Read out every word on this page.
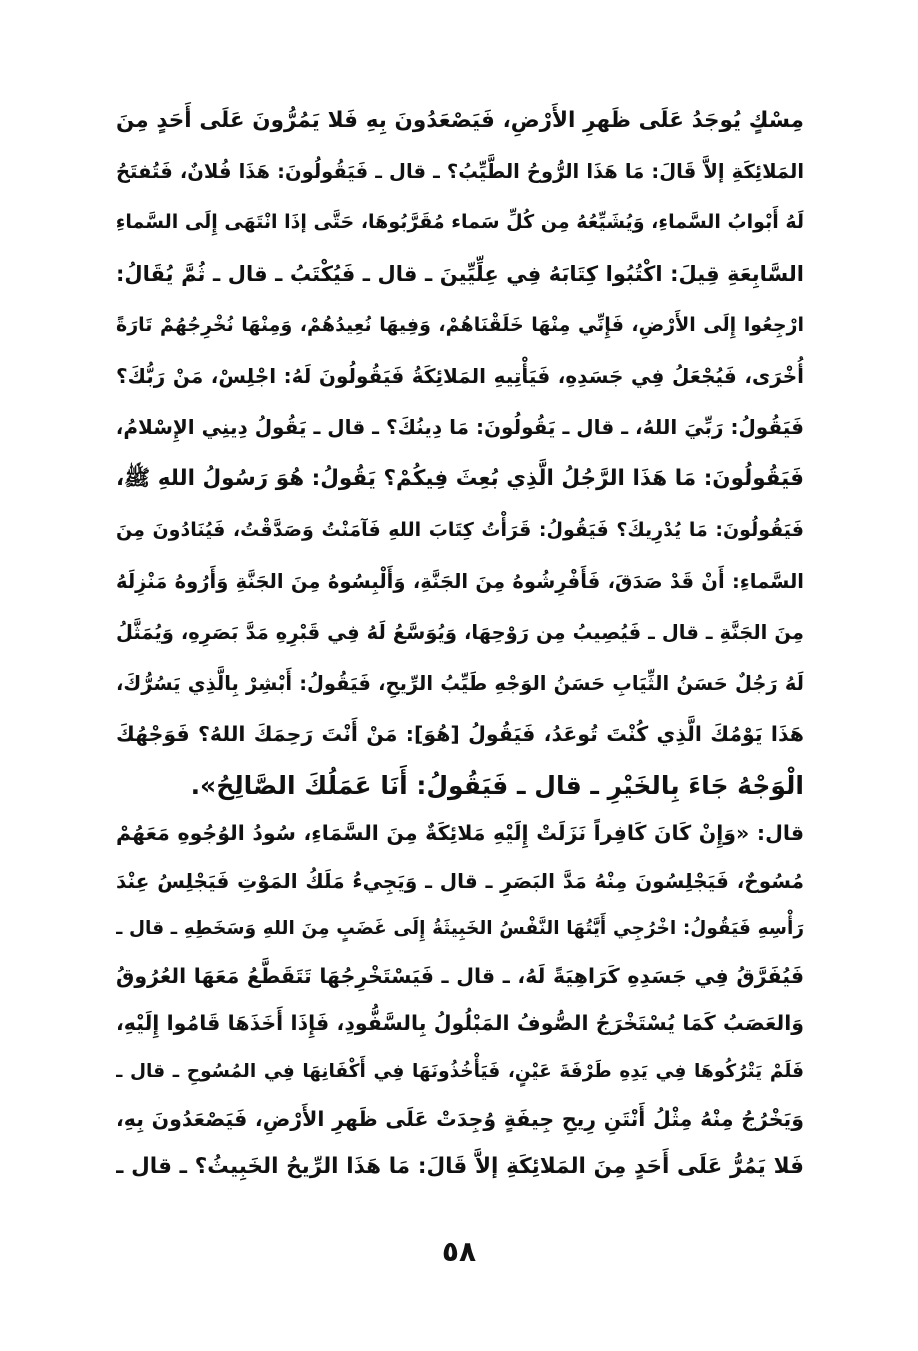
مِسْكٍ يُوجَدُ عَلَى ظَهرِ الأَرْضِ، فَيَصْعَدُونَ بِهِ فَلا يَمُرُّونَ عَلَى أَحَدٍ مِنَ
المَلائِكَةِ إلاَّ قَالَ: مَا هَذَا الرُّوحُ الطَّيِّبُ؟ ـ قال ـ فَيَقُولُونَ: هَذَا فُلانٌ، فَتُفتَحُ
لَهُ أَبْوابُ السَّماءِ، وَيُشَيِّعُهُ مِن كُلِّ سَماء مُقَرَّبُوهَا، حَتَّى إذَا انْتَهَى إِلَى السَّماءِ
السَّابِعَةِ قِيلَ: اكْتُبُوا كِتَابَهُ فِي عِلِّيِّينَ ـ قال ـ فَيُكْتَبُ ـ قال ـ ثُمَّ يُقَالُ:
ارْجِعُوا إِلَى الأَرْضِ، فَإِنِّي مِنْهَا خَلَقْنَاهُمْ، وَفِيهَا نُعِيدُهُمْ، وَمِنْهَا نُخْرِجُهُمْ تَارَةً
أُخْرَى، فَيُجْعَلُ فِي جَسَدِهِ، فَيَأْتِيهِ المَلائِكَةُ فَيَقُولُونَ لَهُ: اجْلِسْ، مَنْ رَبُّكَ؟
فَيَقُولُ: رَبِّيَ اللهُ، ـ قال ـ يَقُولُونَ: مَا دِينُكَ؟ ـ قال ـ يَقُولُ دِينِي الإِسْلامُ،
فَيَقُولُونَ: مَا هَذَا الرَّجُلُ الَّذِي بُعِثَ فِيكُمْ؟ يَقُولُ: هُوَ رَسُولُ اللهِ ﷺ،
فَيَقُولُونَ: مَا يُدْرِيكَ؟ فَيَقُولُ: قَرَأْتُ كِتَابَ اللهِ فَآمَنْتُ وَصَدَّقْتُ، فَيُنَادُونَ مِنَ
السَّماءِ: أَنْ قَدْ صَدَقَ، فَأَفْرِشُوهُ مِنَ الجَنَّةِ، وَأَلْبِسُوهُ مِنَ الجَنَّةِ وَأَرُوهُ مَنْزِلَهُ
مِنَ الجَنَّةِ ـ قال ـ فَيُصِيبُ مِن رَوْحِهَا، وَيُوَسَّعُ لَهُ فِي قَبْرِهِ مَدَّ بَصَرِهِ، وَيُمَثَّلُ
لَهُ رَجُلٌ حَسَنُ الثِّيَابِ حَسَنُ الوَجْهِ طَيِّبُ الرِّيحِ، فَيَقُولُ: أَبْشِرْ بِالَّذِي يَسُرُّكَ،
هَذَا يَوْمُكَ الَّذِي كُنْتَ تُوعَدُ، فَيَقُولُ [هُوَ]: مَنْ أَنْتَ رَحِمَكَ اللهُ؟ فَوَجْهُكَ
الْوَجْهُ جَاءَ بِالخَيْرِ ـ قال ـ فَيَقُولُ: أَنَا عَمَلُكَ الصَّالِحُ».
قال: «وَإِنْ كَانَ كَافِراً نَزَلَتْ إِلَيْهِ مَلائِكَةٌ مِنَ السَّمَاءِ، سُودُ الوُجُوهِ مَعَهُمْ
مُسُوحٌ، فَيَجْلِسُونَ مِنْهُ مَدَّ البَصَرِ ـ قال ـ وَيَجِيءُ مَلَكُ المَوْتِ فَيَجْلِسُ عِنْدَ
رَأْسِهِ فَيَقُولُ: اخْرُجِي أَيَّتُهَا النَّفْسُ الخَبِيثَةُ إِلَى غَضَبٍ مِنَ اللهِ وَسَخَطِهِ ـ قال ـ
فَيُفَرَّقُ فِي جَسَدِهِ كَرَاهِيَةً لَهُ، ـ قال ـ فَيَسْتَخْرِجُهَا تَتَقَطَّعُ مَعَهَا العُرُوقُ
وَالعَصَبُ كَمَا يُسْتَخْرَجُ الصُّوفُ المَبْلُولُ بِالسَّفُّودِ، فَإِذَا أَخَذَهَا قَامُوا إِلَيْهِ،
فَلَمْ يَتْرُكُوهَا فِي يَدِهِ طَرْفَةَ عَيْنٍ، فَيَأْخُذُونَهَا فِي أَكْفَانِهَا فِي المُسُوحِ ـ قال ـ
وَيَخْرُجُ مِنْهُ مِثْلُ أَنْتَنِ رِيحِ جِيفَةٍ وُجِدَتْ عَلَى ظَهرِ الأَرْضِ، فَيَصْعَدُونَ بِهِ،
فَلا يَمُرُّ عَلَى أَحَدٍ مِنَ المَلائِكَةِ إلاَّ قَالَ: مَا هَذَا الرِّيحُ الخَبِيثُ؟ ـ قال ـ
٥٨
